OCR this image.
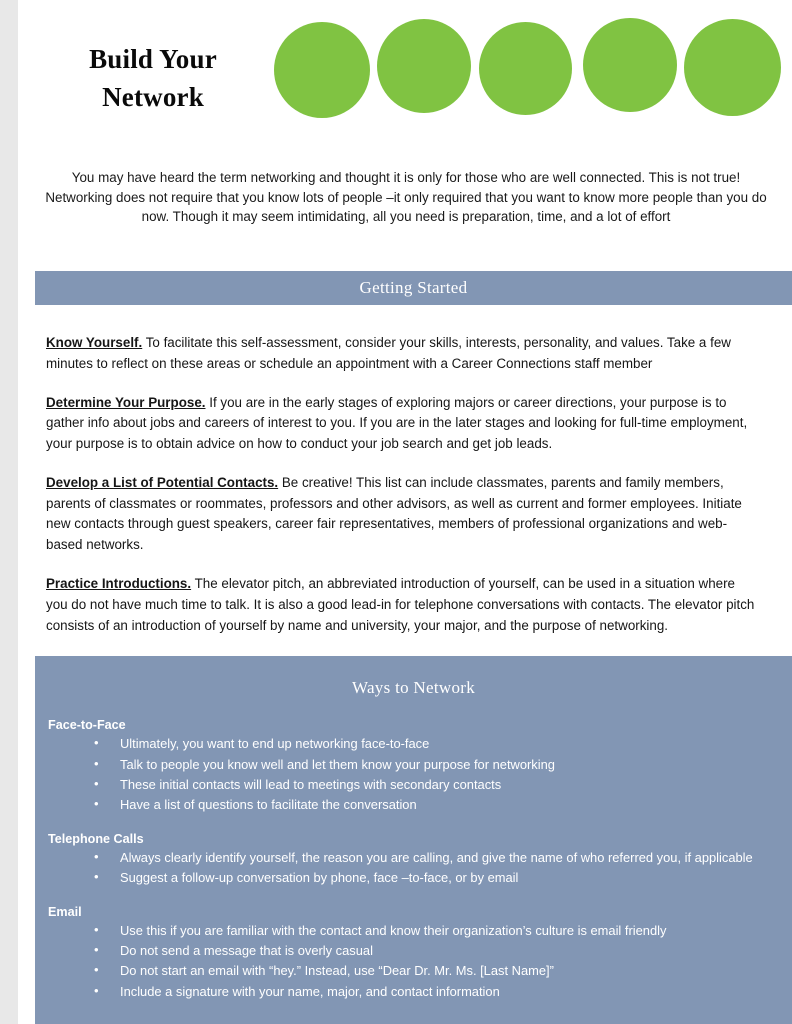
Build Your
Network

You may have heard the term networking and thought it is only for those who are well connected. This is not true! Networking does not require that you know lots of people –it only required that you want to know more people than you do now. Though it may seem intimidating, all you need is preparation, time, and a lot of effort

Getting Started

Know Yourself. To facilitate this self-assessment, consider your skills, interests, personality, and values. Take a few minutes to reflect on these areas or schedule an appointment with a Career Connections staff member

Determine Your Purpose. If you are in the early stages of exploring majors or career directions, your purpose is to gather info about jobs and careers of interest to you. If you are in the later stages and looking for full-time employment, your purpose is to obtain advice on how to conduct your job search and get job leads.

Develop a List of Potential Contacts. Be creative! This list can include classmates, parents and family members, parents of classmates or roommates, professors and other advisors, as well as current and former employees. Initiate new contacts through guest speakers, career fair representatives, members of professional organizations and web-based networks.

Practice Introductions. The elevator pitch, an abbreviated introduction of yourself, can be used in a situation where you do not have much time to talk. It is also a good lead-in for telephone conversations with contacts. The elevator pitch consists of an introduction of yourself by name and university, your major, and the purpose of networking.

Ways to Network
Face-to-Face
• Ultimately, you want to end up networking face-to-face
• Talk to people you know well and let them know your purpose for networking
• These initial contacts will lead to meetings with secondary contacts
• Have a list of questions to facilitate the conversation
Telephone Calls
• Always clearly identify yourself, the reason you are calling, and give the name of who referred you, if applicable
• Suggest a follow-up conversation by phone, face –to-face, or by email
Email
• Use this if you are familiar with the contact and know their organization’s culture is email friendly
• Do not send a message that is overly casual
• Do not start an email with “hey.” Instead, use “Dear Dr. Mr. Ms. [Last Name]”
• Include a signature with your name, major, and contact information
